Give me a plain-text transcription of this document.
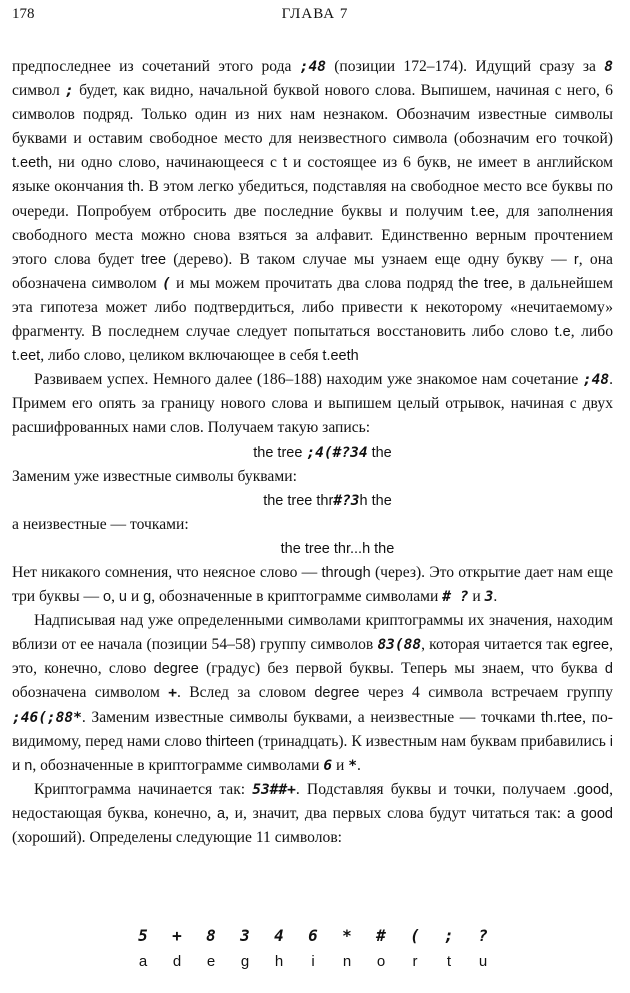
178	ГЛАВА 7

предпоследнее из сочетаний этого рода ;48 (позиции 172–174). Идущий сразу за 8 символ ; будет, как видно, начальной буквой нового слова. Выпишем, начиная с него, 6 символов подряд. Только один из них нам незнаком. Обозначим известные символы буквами и оставим свободное место для неизвестного символа (обозначим его точкой) t.eeth, ни одно слово, начинающееся с t и состоящее из 6 букв, не имеет в английском языке окончания th. В этом легко убедиться, подставляя на свободное место все буквы по очереди. Попробуем отбросить две последние буквы и получим t.ee, для заполнения свободного места можно снова взяться за алфавит. Единственно верным прочтением этого слова будет tree (дерево). В таком случае мы узнаем еще одну букву — r, она обозначена символом ( и мы можем прочитать два слова подряд the tree, в дальнейшем эта гипотеза может либо подтвердиться, либо привести к некоторому «нечитаемому» фрагменту. В последнем случае следует попытаться восстановить либо слово t.e, либо t.eet, либо слово, целиком включающее в себя t.eeth

Развиваем успех. Немного далее (186–188) находим уже знакомое нам сочетание ;48. Примем его опять за границу нового слова и выпишем целый отрывок, начиная с двух расшифрованных нами слов. Получаем такую запись:

the tree ;4(#?34 the

Заменим уже известные символы буквами:

the tree thr#?3h the

а неизвестные — точками:

the tree thr...h the

Нет никакого сомнения, что неясное слово — through (через). Это открытие дает нам еще три буквы — o, u и g, обозначенные в криптограмме символами # ? и 3.

Надписывая над уже определенными символами криптограммы их значения, находим вблизи от ее начала (позиции 54–58) группу символов 83(88, которая читается так egree, это, конечно, слово degree (градус) без первой буквы. Теперь мы знаем, что буква d обозначена символом +. Вслед за словом degree через 4 символа встречаем группу ;46(;88*. Заменим известные символы буквами, а неизвестные — точками th.rtee, по-видимому, перед нами слово thirteen (тринадцать). К известным нам буквам прибавились i и n, обозначенные в криптограмме символами 6 и *.

Криптограмма начинается так: 53##+. Подставляя буквы и точки, получаем .good, недостающая буква, конечно, a, и, значит, два первых слова будут читаться так: a good (хороший). Определены следующие 11 символов:

5	+	8	3	4	6	*	#	(	;	?
a	d	e	g	h	i	n	o	r	t	u
